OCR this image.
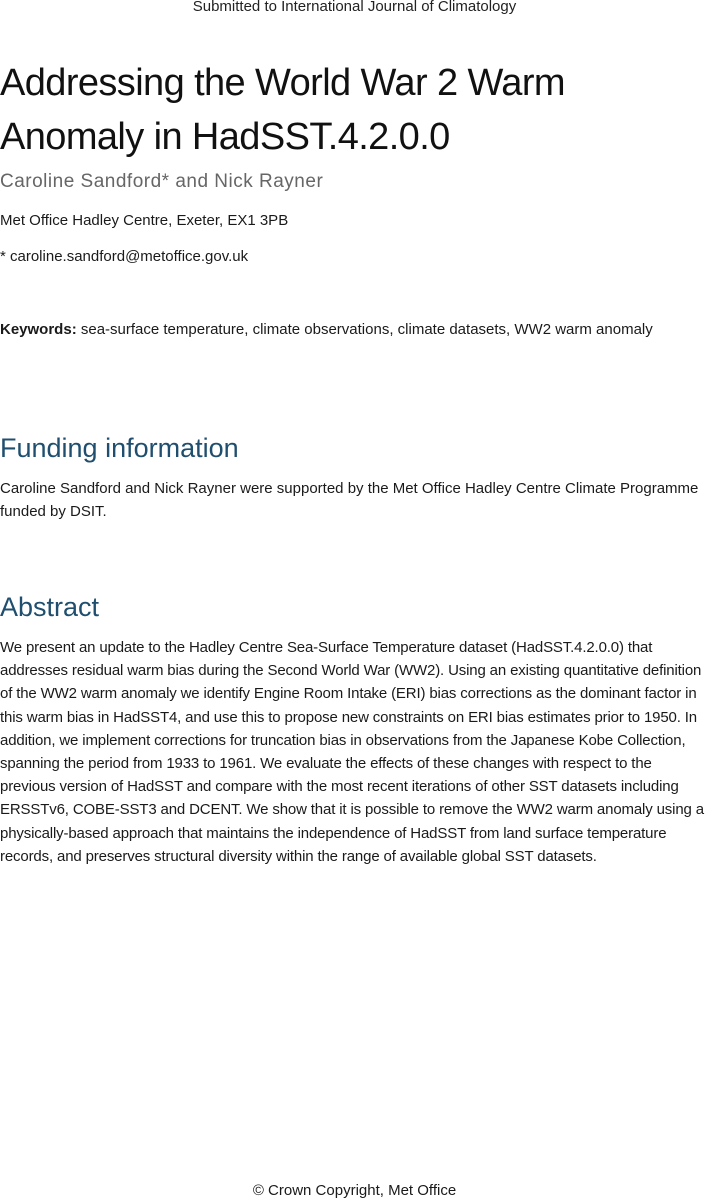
Submitted to International Journal of Climatology
Addressing the World War 2 Warm Anomaly in HadSST.4.2.0.0
Caroline Sandford* and Nick Rayner
Met Office Hadley Centre, Exeter, EX1 3PB
* caroline.sandford@metoffice.gov.uk
Keywords: sea-surface temperature, climate observations, climate datasets, WW2 warm anomaly
Funding information

Caroline Sandford and Nick Rayner were supported by the Met Office Hadley Centre Climate Programme funded by DSIT.

Abstract

We present an update to the Hadley Centre Sea-Surface Temperature dataset (HadSST.4.2.0.0) that addresses residual warm bias during the Second World War (WW2). Using an existing quantitative definition of the WW2 warm anomaly we identify Engine Room Intake (ERI) bias corrections as the dominant factor in this warm bias in HadSST4, and use this to propose new constraints on ERI bias estimates prior to 1950. In addition, we implement corrections for truncation bias in observations from the Japanese Kobe Collection, spanning the period from 1933 to 1961. We evaluate the effects of these changes with respect to the previous version of HadSST and compare with the most recent iterations of other SST datasets including ERSSTv6, COBE-SST3 and DCENT. We show that it is possible to remove the WW2 warm anomaly using a physically-based approach that maintains the independence of HadSST from land surface temperature records, and preserves structural diversity within the range of available global SST datasets.

© Crown Copyright, Met Office
